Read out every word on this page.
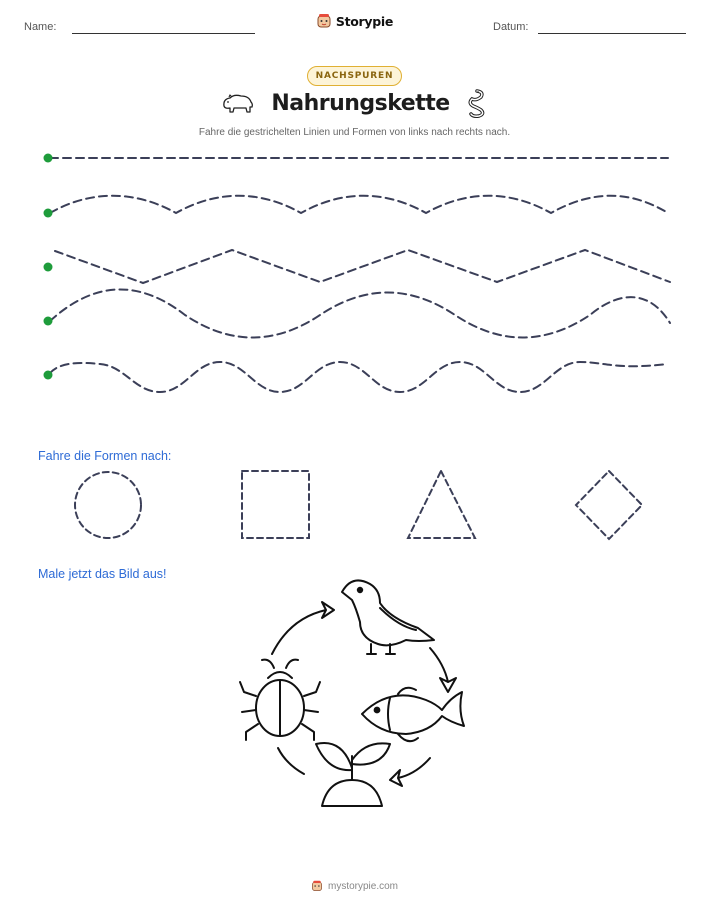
Name:	Storypie	Datum:
NACHSPUREN
Nahrungskette
Fahre die gestrichelten Linien und Formen von links nach rechts nach.
Fahre die Formen nach:
Male jetzt das Bild aus!
mystorypie.com
